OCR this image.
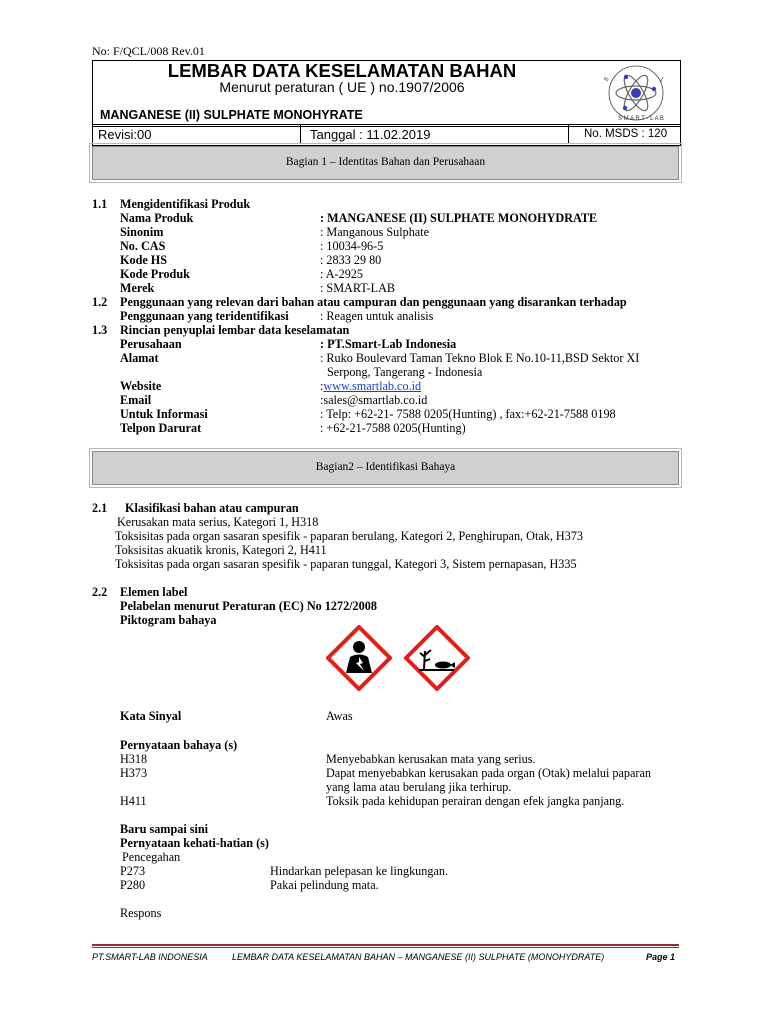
No: F/QCL/008 Rev.01
LEMBAR DATA KESELAMATAN BAHAN
Menurut peraturan ( UE ) no.1907/2006
MANGANESE (II) SULPHATE MONOHYRATE
S	L
S M A R T · L A B
Revisi:00	Tanggal : 11.02.2019	No. MSDS : 120
Bagian 1 – Identitas Bahan dan Perusahaan
1.1 Mengidentifikasi Produk
Nama Produk	: MANGANESE (II) SULPHATE MONOHYDRATE
Sinonim	: Manganous Sulphate
No. CAS	: 10034-96-5
Kode HS	: 2833 29 80
Kode Produk	: A-2925
Merek	: SMART-LAB
1.2 Penggunaan yang relevan dari bahan atau campuran dan penggunaan yang disarankan terhadap
Penggunaan yang teridentifikasi	: Reagen untuk analisis
1.3 Rincian penyuplai lembar data keselamatan
Perusahaan	: PT.Smart-Lab Indonesia
Alamat	: Ruko Boulevard Taman Tekno Blok E No.10-11,BSD Sektor XI
Serpong, Tangerang - Indonesia
Website	:www.smartlab.co.id
Email	:sales@smartlab.co.id
Untuk Informasi	: Telp: +62-21- 7588 0205(Hunting) , fax:+62-21-7588 0198
Telpon Darurat	: +62-21-7588 0205(Hunting)
Bagian2 – Identifikasi Bahaya
2.1 Klasifikasi bahan atau campuran
Kerusakan mata serius, Kategori 1, H318
Toksisitas pada organ sasaran spesifik - paparan berulang, Kategori 2, Penghirupan, Otak, H373
Toksisitas akuatik kronis, Kategori 2, H411
Toksisitas pada organ sasaran spesifik - paparan tunggal, Kategori 3, Sistem pernapasan, H335
2.2 Elemen label
Pelabelan menurut Peraturan (EC) No 1272/2008
Piktogram bahaya
Kata Sinyal	Awas
Pernyataan bahaya (s)
H318	Menyebabkan kerusakan mata yang serius.
H373	Dapat menyebabkan kerusakan pada organ (Otak) melalui paparan
yang lama atau berulang jika terhirup.
H411	Toksik pada kehidupan perairan dengan efek jangka panjang.
Baru sampai sini
Pernyataan kehati-hatian (s)
Pencegahan
P273	Hindarkan pelepasan ke lingkungan.
P280	Pakai pelindung mata.
Respons
PT.SMART-LAB INDONESIA	LEMBAR DATA KESELAMATAN BAHAN – MANGANESE (II) SULPHATE (MONOHYDRATE)	Page 1
